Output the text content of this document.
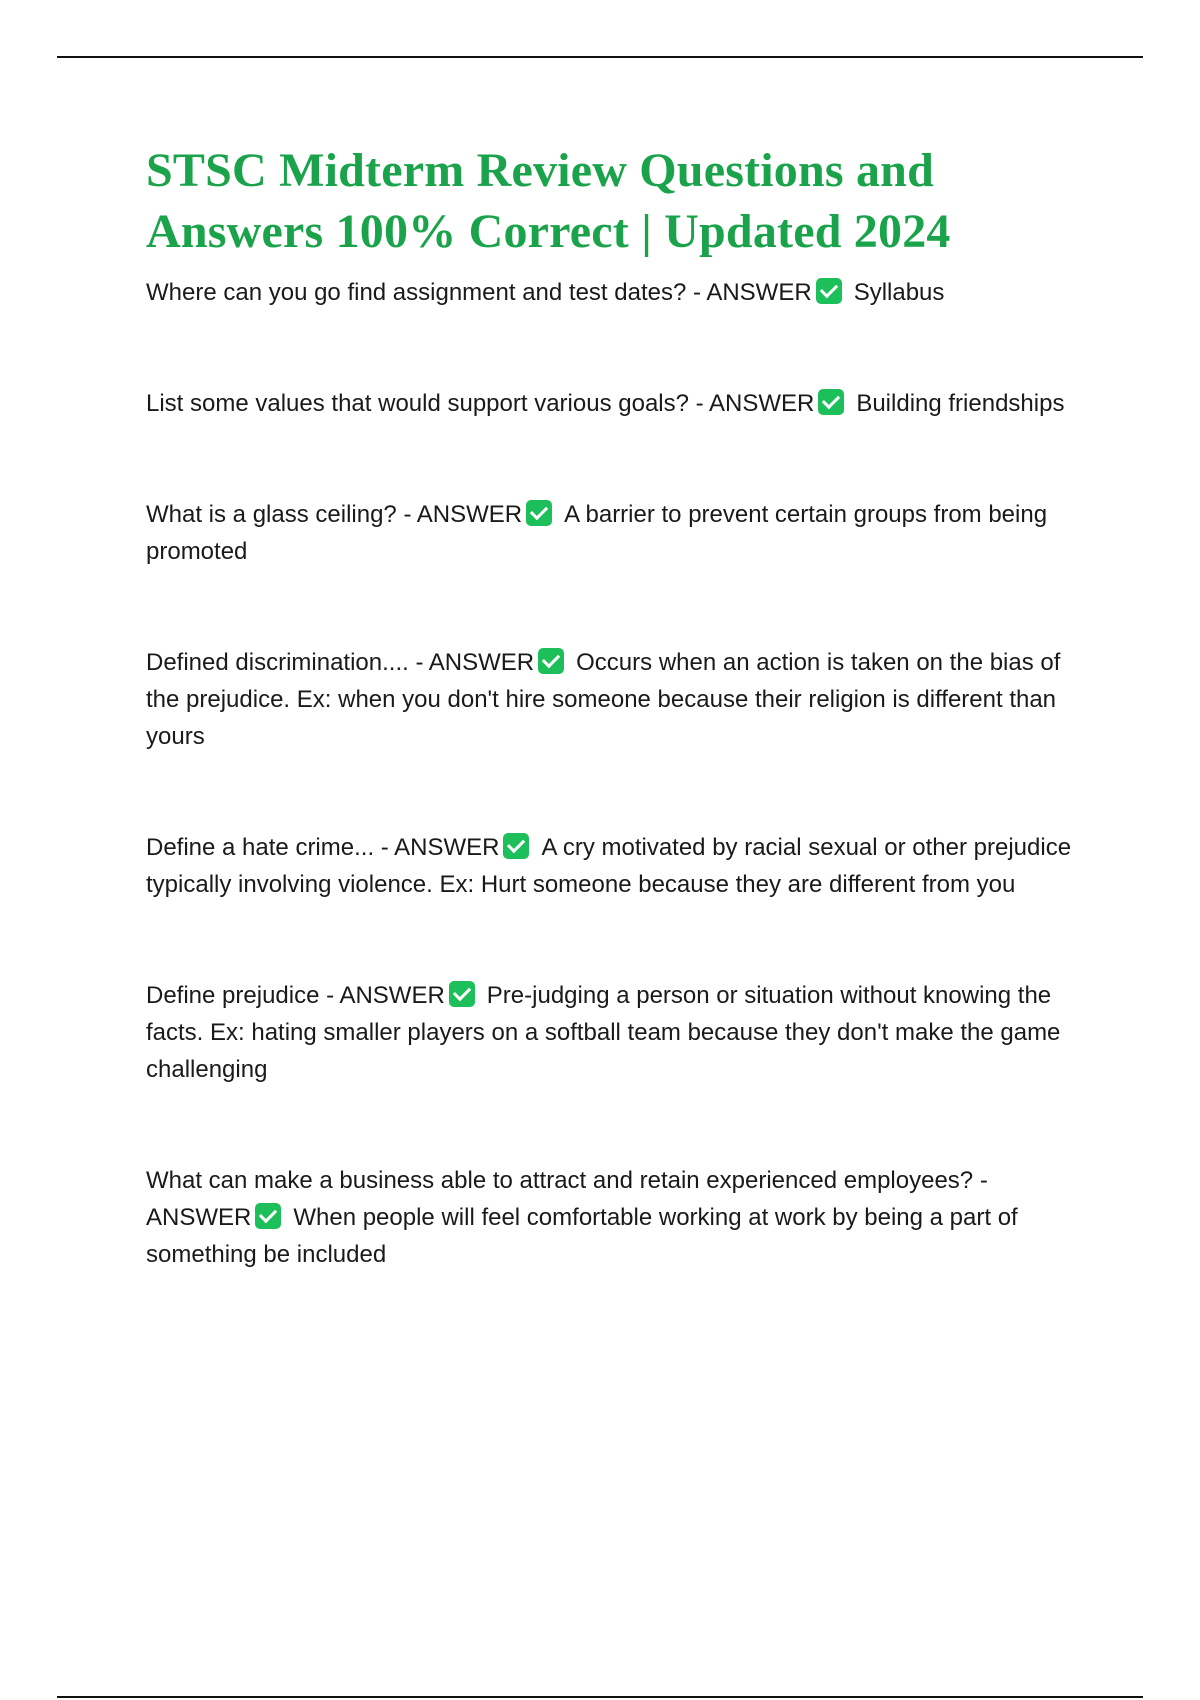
STSC Midterm Review Questions and Answers 100% Correct | Updated 2024

Where can you go find assignment and test dates? - ANSWER Syllabus

List some values that would support various goals? - ANSWER Building friendships

What is a glass ceiling? - ANSWER A barrier to prevent certain groups from being promoted

Defined discrimination.... - ANSWER Occurs when an action is taken on the bias of the prejudice. Ex: when you don't hire someone because their religion is different than yours

Define a hate crime... - ANSWER A cry motivated by racial sexual or other prejudice typically involving violence. Ex: Hurt someone because they are different from you

Define prejudice - ANSWER Pre-judging a person or situation without knowing the facts. Ex: hating smaller players on a softball team because they don't make the game challenging

What can make a business able to attract and retain experienced employees? - ANSWER When people will feel comfortable working at work by being a part of something be included
